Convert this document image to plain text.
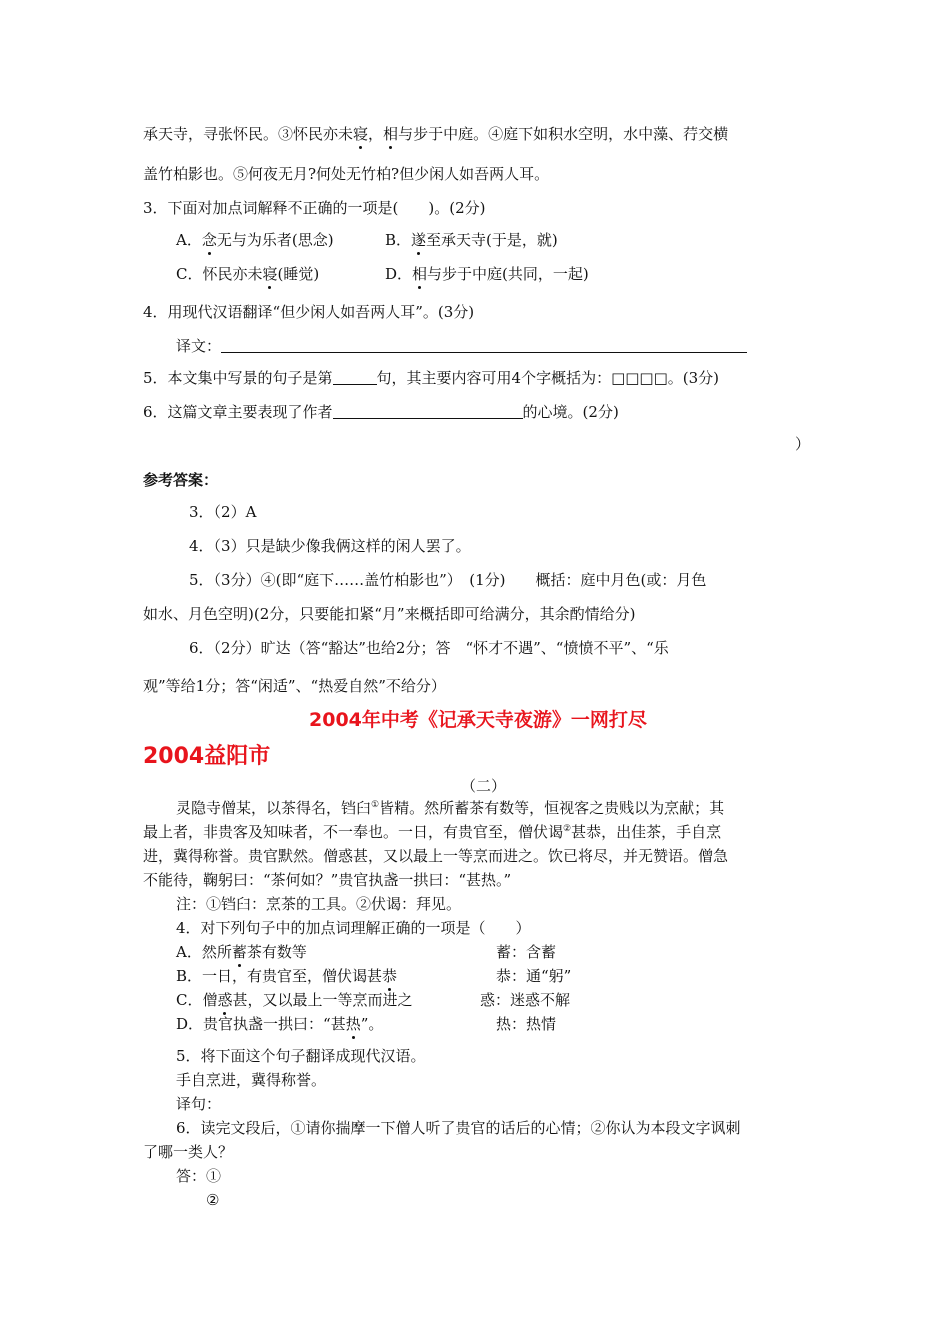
承天寺，寻张怀民。③怀民亦未寝，相与步于中庭。④庭下如积水空明，水中藻、荇交横
盖竹柏影也。⑤何夜无月?何处无竹柏?但少闲人如吾两人耳。
3．下面对加点词解释不正确的一项是(　　)。(2分)
A．念无与为乐者(思念)	B．遂至承天寺(于是，就)
C．怀民亦未寝(睡觉)	D．相与步于中庭(共同，一起)
4．用现代汉语翻译“但少闲人如吾两人耳”。(3分)
译文：
5．本文集中写景的句子是第	句，其主要内容可用4个字概括为：□□□□。(3分)
6．这篇文章主要表现了作者	的心境。(2分)
）
参考答案：
3．（2）A
4．（3）只是缺少像我俩这样的闲人罢了。
5．（3分）④(即“庭下……盖竹柏影也”）　(1分)　　概括：庭中月色(或：月色
如水、月色空明)(2分，只要能扣紧“月”来概括即可给满分，其余酌情给分)
6．（2分）旷达（答“豁达”也给2分；答　“怀才不遇”、“愤愤不平”、“乐
观”等给1分；答“闲适”、“热爱自然”不给分）
2004年中考《记承天寺夜游》一网打尽
2004益阳市
（二）
灵隐寺僧某，以茶得名，铛臼①皆精。然所蓄茶有数等，恒视客之贵贱以为烹献；其
最上者，非贵客及知味者，不一奉也。一日，有贵官至，僧伏谒②甚恭，出佳茶，手自烹
进，冀得称誉。贵官默然。僧惑甚，又以最上一等烹而进之。饮已将尽，并无赞语。僧急
不能待，鞠躬曰：“茶何如？”贵官执盏一拱曰：“甚热。”
注：①铛臼：烹茶的工具。②伏谒：拜见。
4．对下列句子中的加点词理解正确的一项是（　　）
A．然所蓄茶有数等	蓄：含蓄
B．一日，有贵官至，僧伏谒甚恭	恭：通“躬”
C．僧惑甚，又以最上一等烹而进之	惑：迷惑不解
D．贵官执盏一拱曰：“甚热”。	热：热情
5．将下面这个句子翻译成现代汉语。
手自烹进，冀得称誉。
译句：
6．读完文段后，①请你揣摩一下僧人听了贵官的话后的心情；②你认为本段文字讽刺
了哪一类人？
答：①
②
